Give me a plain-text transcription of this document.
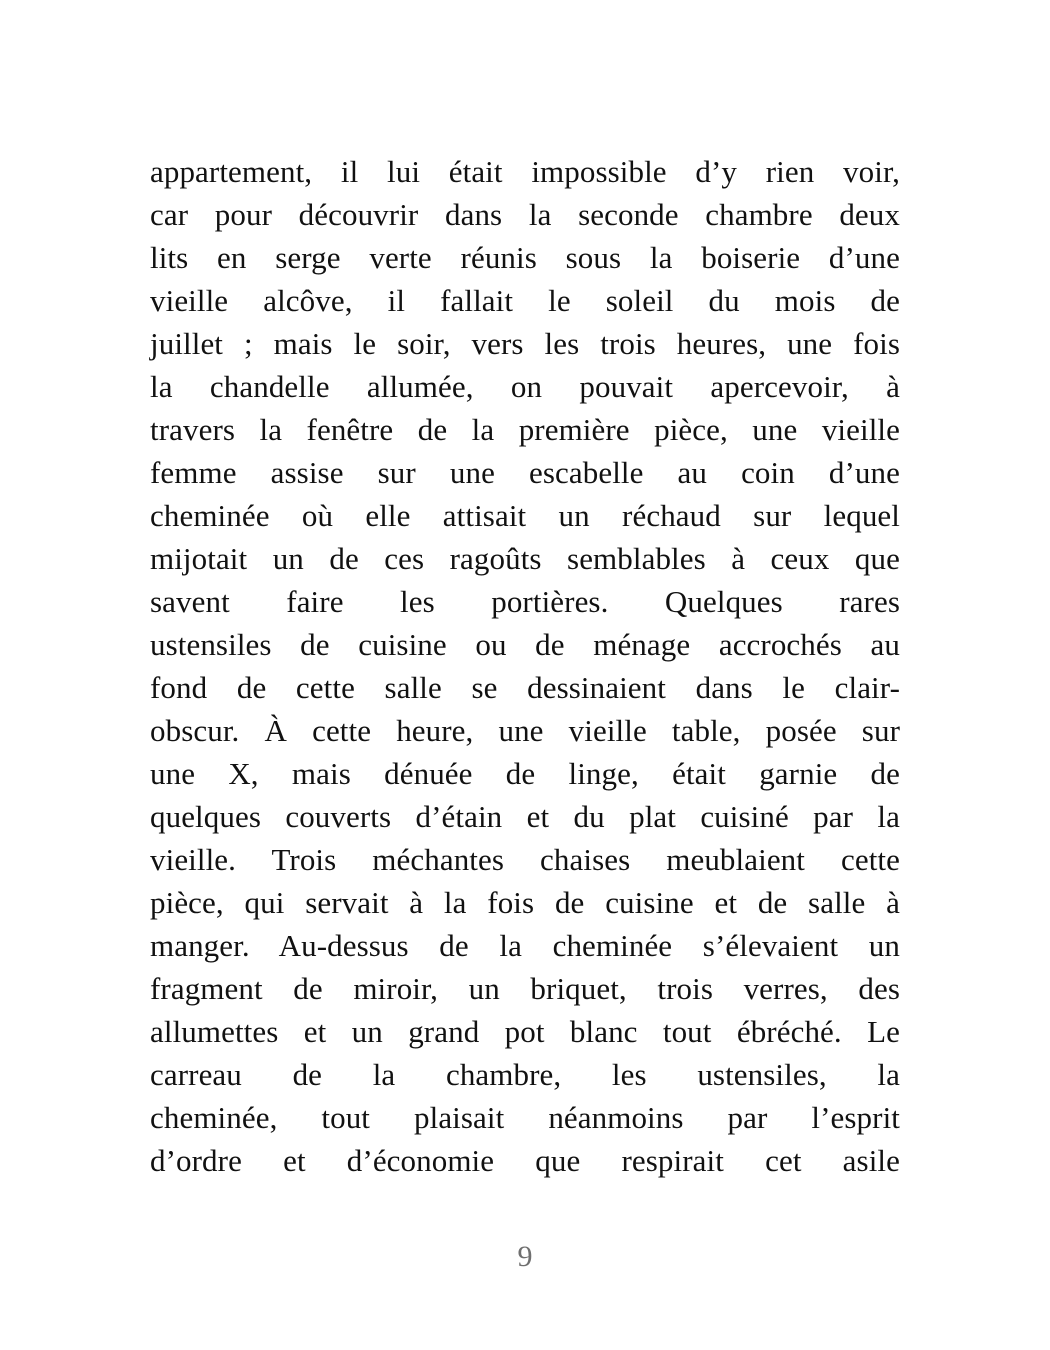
appartement, il lui était impossible d’y rien voir,
car pour découvrir dans la seconde chambre deux
lits en serge verte réunis sous la boiserie d’une
vieille alcôve, il fallait le soleil du mois de
juillet ; mais le soir, vers les trois heures, une fois
la chandelle allumée, on pouvait apercevoir, à
travers la fenêtre de la première pièce, une vieille
femme assise sur une escabelle au coin d’une
cheminée où elle attisait un réchaud sur lequel
mijotait un de ces ragoûts semblables à ceux que
savent faire les portières. Quelques rares
ustensiles de cuisine ou de ménage accrochés au
fond de cette salle se dessinaient dans le clair-
obscur. À cette heure, une vieille table, posée sur
une X, mais dénuée de linge, était garnie de
quelques couverts d’étain et du plat cuisiné par la
vieille. Trois méchantes chaises meublaient cette
pièce, qui servait à la fois de cuisine et de salle à
manger. Au-dessus de la cheminée s’élevaient un
fragment de miroir, un briquet, trois verres, des
allumettes et un grand pot blanc tout ébréché. Le
carreau de la chambre, les ustensiles, la
cheminée, tout plaisait néanmoins par l’esprit
d’ordre et d’économie que respirait cet asile
9
